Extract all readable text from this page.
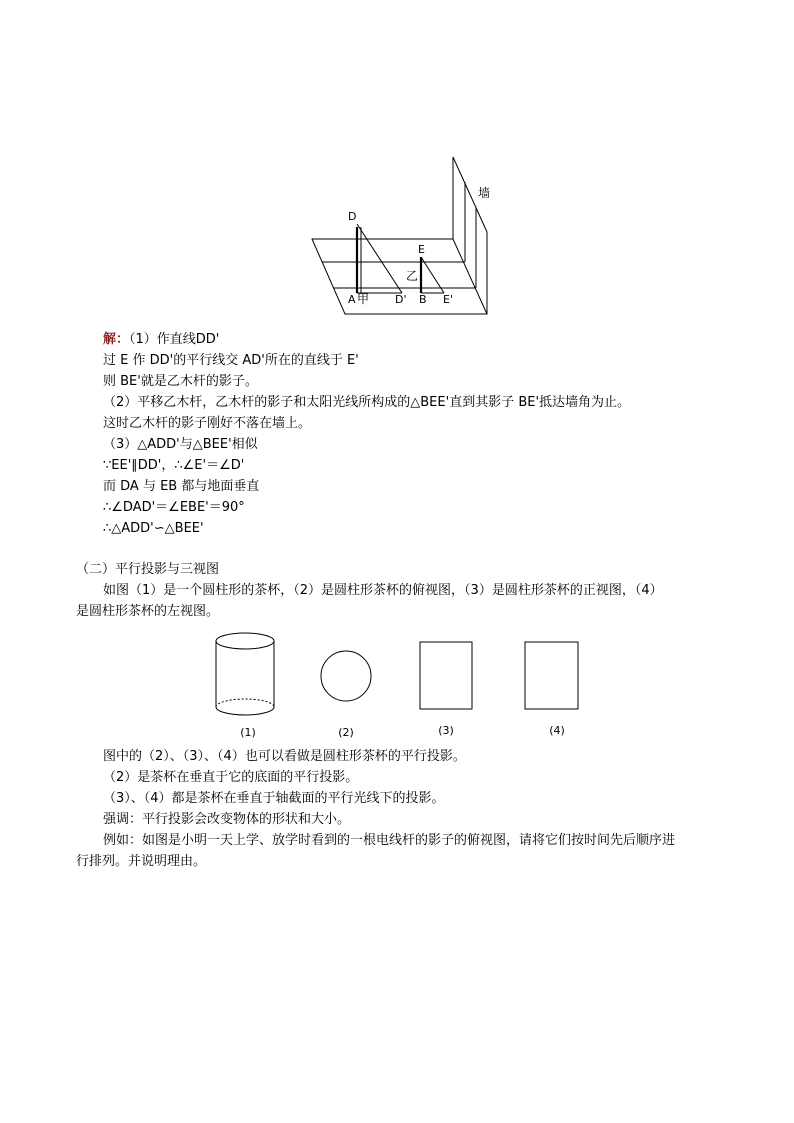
墙
D
E
乙
A 甲 D' B E'
解：（1）作直线DD'
过 E 作 DD'的平行线交 AD'所在的直线于 E'
则 BE'就是乙木杆的影子。
（2）平移乙木杆，乙木杆的影子和太阳光线所构成的△BEE'直到其影子 BE'抵达墙角为止。
这时乙木杆的影子刚好不落在墙上。
（3）△ADD'与△BEE'相似
∵EE'∥DD'，∴∠E'＝∠D'
而 DA 与 EB 都与地面垂直
∴∠DAD'＝∠EBE'＝90°
∴△ADD'∽△BEE'
（二）平行投影与三视图
如图（1）是一个圆柱形的茶杯，（2）是圆柱形茶杯的俯视图，（3）是圆柱形茶杯的正视图，（4）
是圆柱形茶杯的左视图。
(1)	(2)	(3)	(4)
图中的（2）、（3）、（4）也可以看做是圆柱形茶杯的平行投影。
（2）是茶杯在垂直于它的底面的平行投影。
（3）、（4）都是茶杯在垂直于轴截面的平行光线下的投影。
强调：平行投影会改变物体的形状和大小。
例如：如图是小明一天上学、放学时看到的一根电线杆的影子的俯视图，请将它们按时间先后顺序进
行排列。并说明理由。
